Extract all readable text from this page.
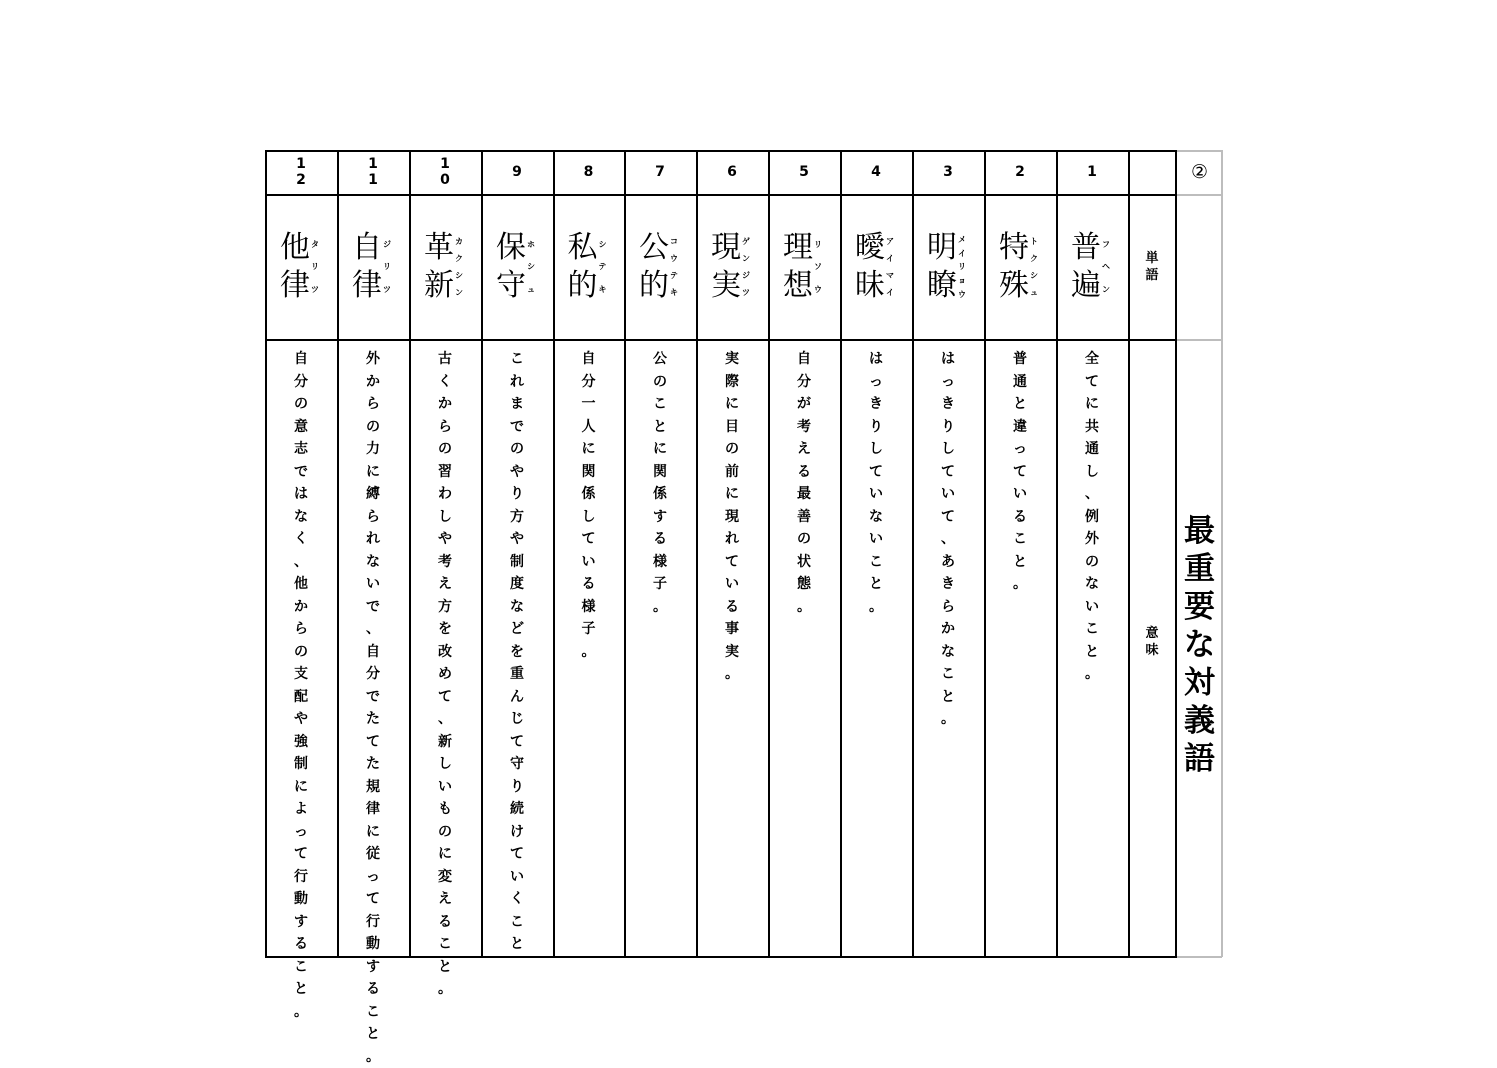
②
単
語
意
味
最
重
要
な
対
義
語
1
普
遍
フ
ヘ
ン
全
て
に
共
通
し
、
例
外
の
な
い
こ
と
。
2
特
殊
ト
ク
シ
ュ
普
通
と
違
っ
て
い
る
こ
と
。
3
明
瞭
メ
イ
リ
ョ
ウ
は
っ
き
り
し
て
い
て
、
あ
き
ら
か
な
こ
と
。
4
曖
昧
ア
イ
マ
イ
は
っ
き
り
し
て
い
な
い
こ
と
。
5
理
想
リ
ソ
ウ
自
分
が
考
え
る
最
善
の
状
態
。
6
現
実
ゲ
ン
ジ
ツ
実
際
に
目
の
前
に
現
れ
て
い
る
事
実
。
7
公
的
コ
ウ
テ
キ
公
の
こ
と
に
関
係
す
る
様
子
。
8
私
的
シ
テ
キ
自
分
一
人
に
関
係
し
て
い
る
様
子
。
9
保
守
ホ
シ
ュ
こ
れ
ま
で
の
や
り
方
や
制
度
な
ど
を
重
ん
じ
て
守
り
続
け
て
い
く
こ
と
1
0
革
新
カ
ク
シ
ン
古
く
か
ら
の
習
わ
し
や
考
え
方
を
改
め
て
、
新
し
い
も
の
に
変
え
る
こ
と
。
1
1
自
律
ジ
リ
ツ
外
か
ら
の
力
に
縛
ら
れ
な
い
で
、
自
分
で
た
て
た
規
律
に
従
っ
て
行
動
す
る
こ
と
。
1
2
他
律
タ
リ
ツ
自
分
の
意
志
で
は
な
く
、
他
か
ら
の
支
配
や
強
制
に
よ
っ
て
行
動
す
る
こ
と
。
